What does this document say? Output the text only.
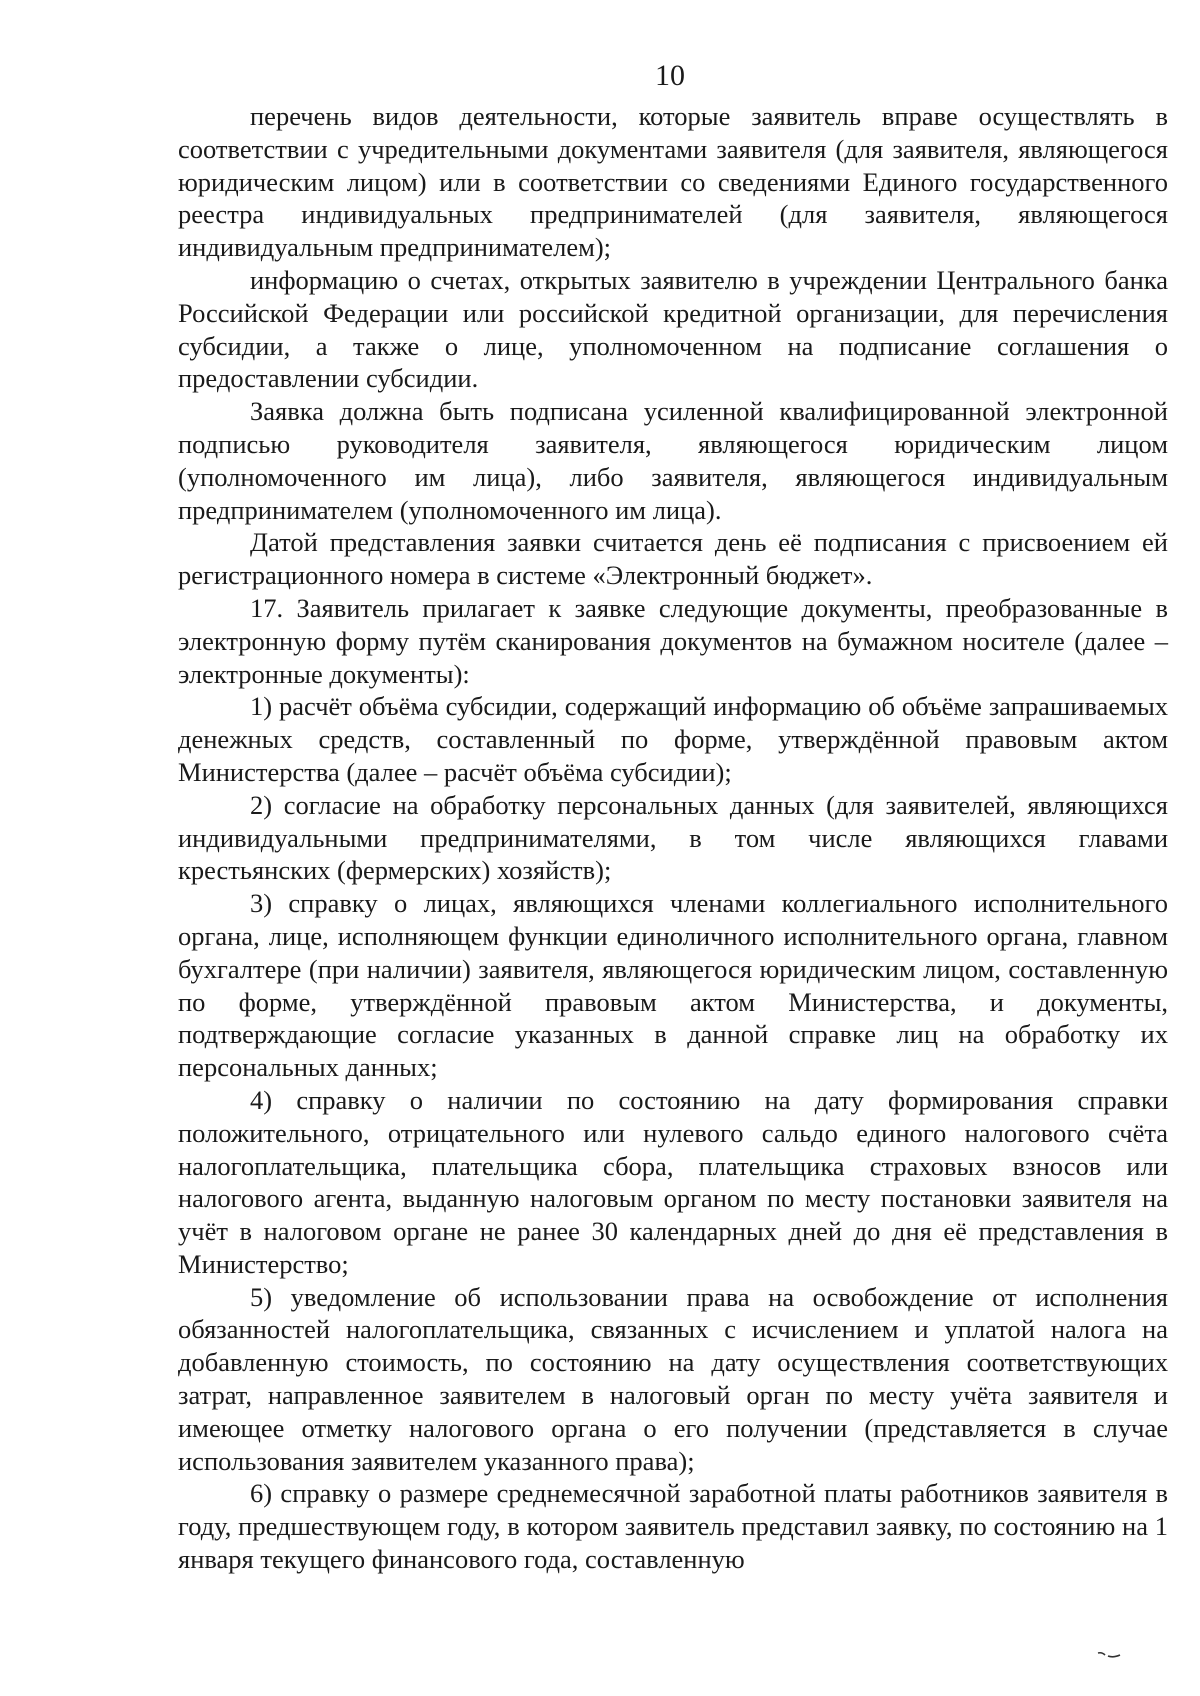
10

перечень видов деятельности, которые заявитель вправе осуществлять в соответствии с учредительными документами заявителя (для заявителя, являющегося юридическим лицом) или в соответствии со сведениями Единого государственного реестра индивидуальных предпринимателей (для заявителя, являющегося индивидуальным предпринимателем);

информацию о счетах, открытых заявителю в учреждении Центрального банка Российской Федерации или российской кредитной организации, для перечисления субсидии, а также о лице, уполномоченном на подписание соглашения о предоставлении субсидии.

Заявка должна быть подписана усиленной квалифицированной электронной подписью руководителя заявителя, являющегося юридическим лицом (уполномоченного им лица), либо заявителя, являющегося индивидуальным предпринимателем (уполномоченного им лица).

Датой представления заявки считается день её подписания с присвоением ей регистрационного номера в системе «Электронный бюджет».

17. Заявитель прилагает к заявке следующие документы, преобразованные в электронную форму путём сканирования документов на бумажном носителе (далее – электронные документы):

1) расчёт объёма субсидии, содержащий информацию об объёме запрашиваемых денежных средств, составленный по форме, утверждённой правовым актом Министерства (далее – расчёт объёма субсидии);

2) согласие на обработку персональных данных (для заявителей, являющихся индивидуальными предпринимателями, в том числе являющихся главами крестьянских (фермерских) хозяйств);

3) справку о лицах, являющихся членами коллегиального исполнительного органа, лице, исполняющем функции единоличного исполнительного органа, главном бухгалтере (при наличии) заявителя, являющегося юридическим лицом, составленную по форме, утверждённой правовым актом Министерства, и документы, подтверждающие согласие указанных в данной справке лиц на обработку их персональных данных;

4) справку о наличии по состоянию на дату формирования справки положительного, отрицательного или нулевого сальдо единого налогового счёта налогоплательщика, плательщика сбора, плательщика страховых взносов или налогового агента, выданную налоговым органом по месту постановки заявителя на учёт в налоговом органе не ранее 30 календарных дней до дня её представления в Министерство;

5) уведомление об использовании права на освобождение от исполнения обязанностей налогоплательщика, связанных с исчислением и уплатой налога на добавленную стоимость, по состоянию на дату осуществления соответствующих затрат, направленное заявителем в налоговый орган по месту учёта заявителя и имеющее отметку налогового органа о его получении (представляется в случае использования заявителем указанного права);

6) справку о размере среднемесячной заработной платы работников заявителя в году, предшествующем году, в котором заявитель представил заявку, по состоянию на 1 января текущего финансового года, составленную
